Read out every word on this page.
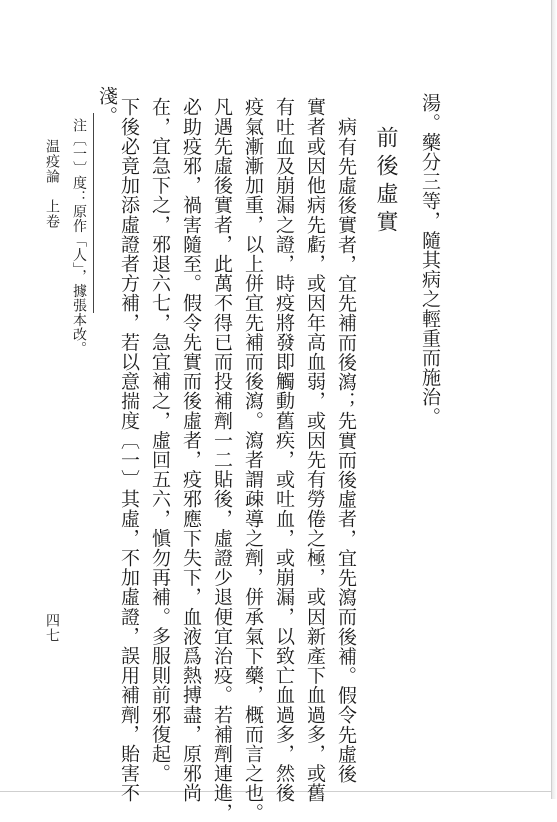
湯。藥分三等，隨其病之輕重而施治。
前後虛實
病有先虛後實者，宜先補而後瀉；先實而後虛者，宜先瀉而後補。假令先虛後
實者或因他病先虧，或因年高血弱，或因先有勞倦之極，或因新產下血過多，或舊
有吐血及崩漏之證，時疫將發即觸動舊疾，或吐血，或崩漏，以致亡血過多，然後
疫氣漸漸加重，以上併宜先補而後瀉。瀉者謂疎導之劑，併承氣下藥，概而言之也。
凡遇先虛後實者，此萬不得已而投補劑一二貼後，虛證少退便宜治疫。若補劑連進，
必助疫邪，禍害隨至。假令先實而後虛者，疫邪應下失下，血液爲熱搏盡，原邪尚
在，宜急下之，邪退六七，急宜補之，虛回五六，愼勿再補。多服則前邪復起。
下後必竟加添虛證者方補，若以意揣度〔一〕其虛，不加虛證，誤用補劑，貽害不
淺。
注〔一〕度：原作「人」，據張本改。
温疫論　上卷
四七
